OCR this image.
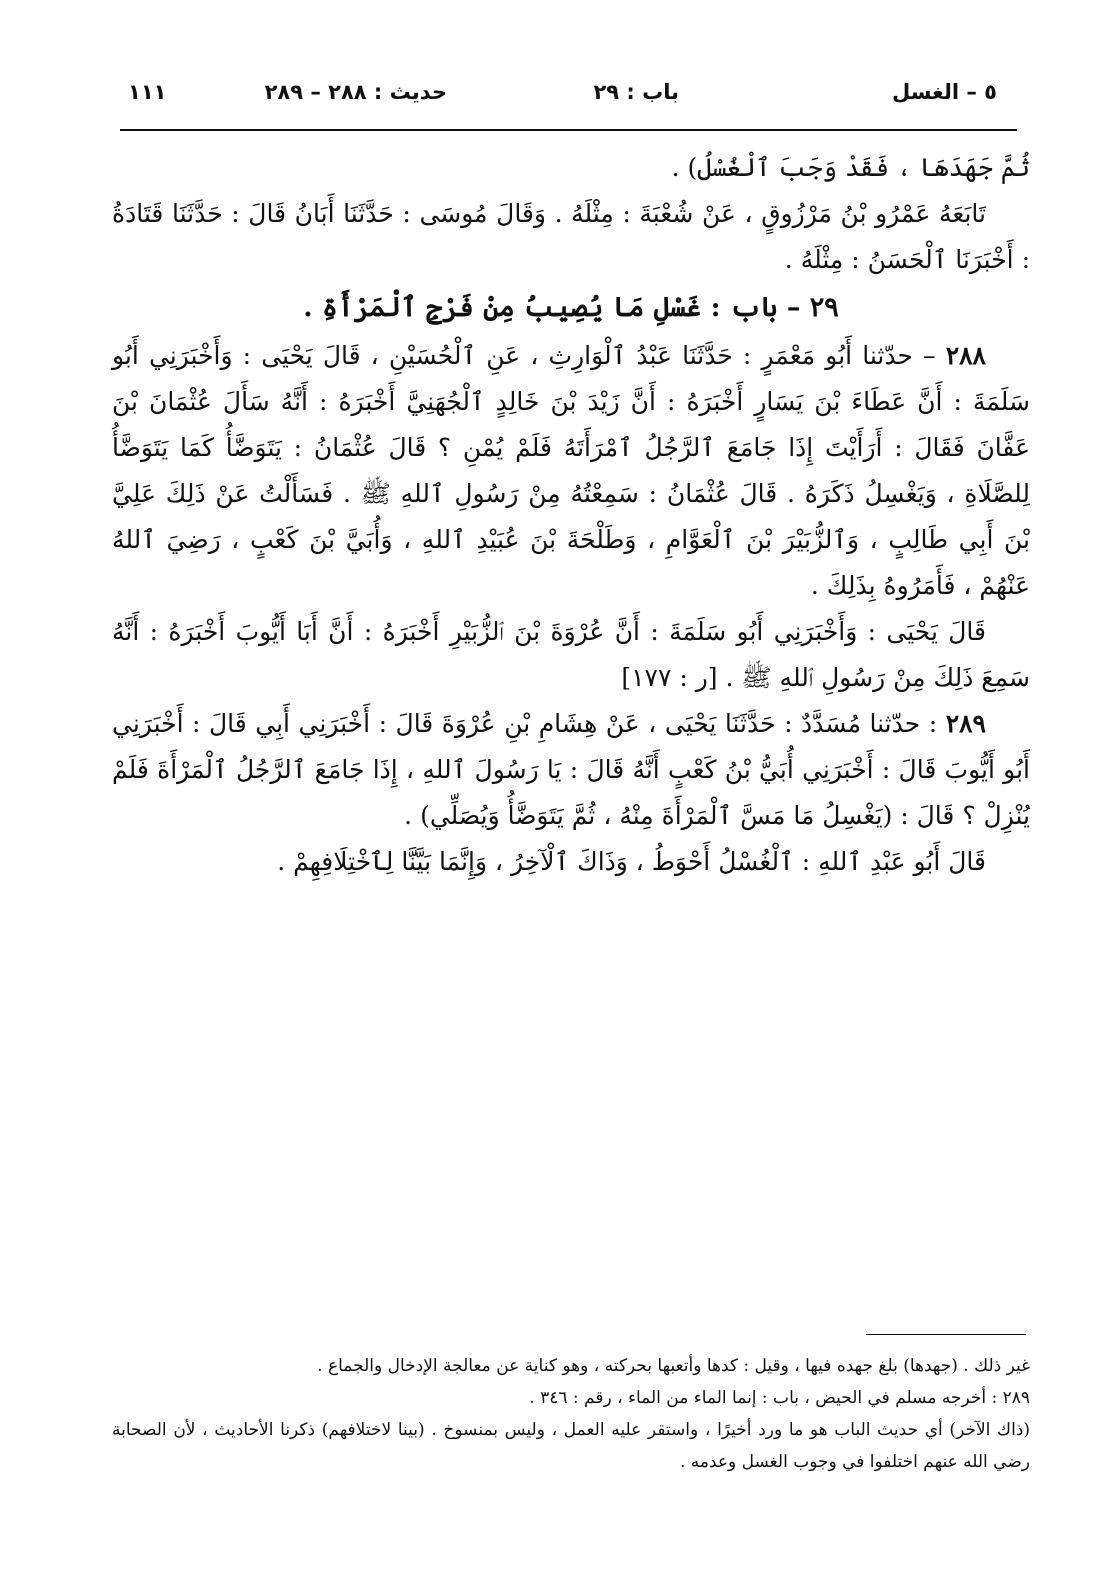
٥ – الغسل
باب : ٢٩
حديث : ٢٨٨ – ٢٨٩
١١١

ثُمَّ جَهَدَهَا ، فَقَدْ وَجَبَ ٱلْغُسْلُ) .

تَابَعَهُ عَمْرُو بْنُ مَرْزُوقٍ ، عَنْ شُعْبَةَ : مِثْلَهُ . وَقَالَ مُوسَى : حَدَّثَنَا أَبَانُ قَالَ : حَدَّثَنَا قَتَادَةُ : أَخْبَرَنَا ٱلْحَسَنُ : مِثْلَهُ .

٢٩ – باب : غَسْلِ مَا يُصِيبُ مِنْ فَرْجِ ٱلْمَرْأَةِ .

٢٨٨ – حدّثنا أَبُو مَعْمَرٍ : حَدَّثَنَا عَبْدُ ٱلْوَارِثِ ، عَنِ ٱلْحُسَيْنِ ، قَالَ يَحْيَى : وَأَخْبَرَنِي أَبُو سَلَمَةَ : أَنَّ عَطَاءَ بْنَ يَسَارٍ أَخْبَرَهُ : أَنَّ زَيْدَ بْنَ خَالِدٍ ٱلْجُهَنِيَّ أَخْبَرَهُ : أَنَّهُ سَأَلَ عُثْمَانَ بْنَ عَفَّانَ فَقَالَ : أَرَأَيْتَ إِذَا جَامَعَ ٱلرَّجُلُ ٱمْرَأَتَهُ فَلَمْ يُمْنِ ؟ قَالَ عُثْمَانُ : يَتَوَضَّأُ كَمَا يَتَوَضَّأُ لِلصَّلَاةِ ، وَيَغْسِلُ ذَكَرَهُ . قَالَ عُثْمَانُ : سَمِعْتُهُ مِنْ رَسُولِ ٱللهِ ﷺ . فَسَأَلْتُ عَنْ ذَلِكَ عَلِيَّ بْنَ أَبِي طَالِبٍ ، وَٱلزُّبَيْرَ بْنَ ٱلْعَوَّامِ ، وَطَلْحَةَ بْنَ عُبَيْدِ ٱللهِ ، وَأُبَيَّ بْنَ كَعْبٍ ، رَضِيَ ٱللهُ عَنْهُمْ ، فَأَمَرُوهُ بِذَلِكَ .

قَالَ يَحْيَى : وَأَخْبَرَنِي أَبُو سَلَمَةَ : أَنَّ عُرْوَةَ بْنَ ٱلزُّبَيْرِ أَخْبَرَهُ : أَنَّ أَبَا أَيُّوبَ أَخْبَرَهُ : أَنَّهُ سَمِعَ ذَلِكَ مِنْ رَسُولِ ٱللهِ ﷺ . [ر : ١٧٧]

٢٨٩ : حدّثنا مُسَدَّدٌ : حَدَّثَنَا يَحْيَى ، عَنْ هِشَامِ بْنِ عُرْوَةَ قَالَ : أَخْبَرَنِي أَبِي قَالَ : أَخْبَرَنِي أَبُو أَيُّوبَ قَالَ : أَخْبَرَنِي أُبَيُّ بْنُ كَعْبٍ أَنَّهُ قَالَ : يَا رَسُولَ ٱللهِ ، إِذَا جَامَعَ ٱلرَّجُلُ ٱلْمَرْأَةَ فَلَمْ يُنْزِلْ ؟ قَالَ : (يَغْسِلُ مَا مَسَّ ٱلْمَرْأَةَ مِنْهُ ، ثُمَّ يَتَوَضَّأُ وَيُصَلِّي) .

قَالَ أَبُو عَبْدِ ٱللهِ : ٱلْغُسْلُ أَحْوَطُ ، وَذَاكَ ٱلْآخِرُ ، وَإِنَّمَا بَيَّنَّا لِٱخْتِلَافِهِمْ .

غير ذلك . (جهدها) بلغ جهده فيها ، وقيل : كدها وأتعبها بحركته ، وهو كناية عن معالجة الإدخال والجماع .

٢٨٩ : أخرجه مسلم في الحيض ، باب : إنما الماء من الماء ، رقم : ٣٤٦ .

(ذاك الآخر) أي حديث الباب هو ما ورد أخيرًا ، واستقر عليه العمل ، وليس بمنسوخ . (بينا لاختلافهم) ذكرنا الأحاديث ، لأن الصحابة رضي الله عنهم اختلفوا في وجوب الغسل وعدمه .
